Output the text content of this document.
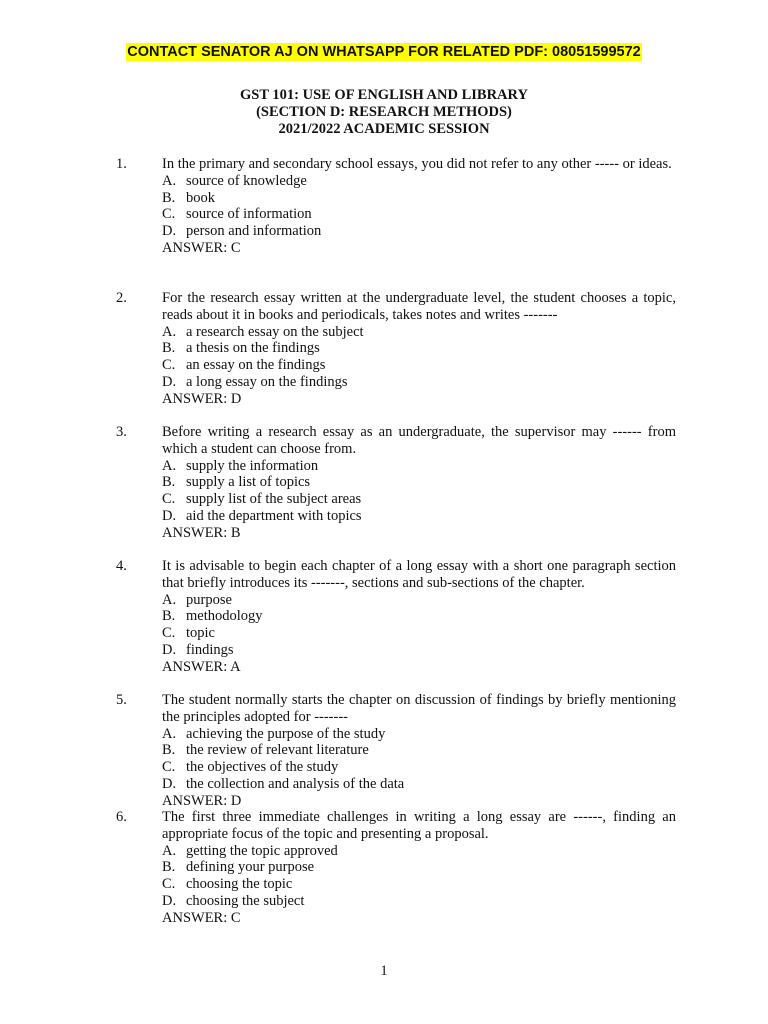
CONTACT SENATOR AJ ON WHATSAPP FOR RELATED PDF: 08051599572
GST 101: USE OF ENGLISH AND LIBRARY
(SECTION D: RESEARCH METHODS)
2021/2022 ACADEMIC SESSION
1. In the primary and secondary school essays, you did not refer to any other ----- or ideas.
A. source of knowledge
B. book
C. source of information
D. person and information
ANSWER: C
2. For the research essay written at the undergraduate level, the student chooses a topic, reads about it in books and periodicals, takes notes and writes -------
A. a research essay on the subject
B. a thesis on the findings
C. an essay on the findings
D. a long essay on the findings
ANSWER: D
3. Before writing a research essay as an undergraduate, the supervisor may ------ from which a student can choose from.
A. supply the information
B. supply a list of topics
C. supply list of the subject areas
D. aid the department with topics
ANSWER: B
4. It is advisable to begin each chapter of a long essay with a short one paragraph section that briefly introduces its -------, sections and sub-sections of the chapter.
A. purpose
B. methodology
C. topic
D. findings
ANSWER: A
5. The student normally starts the chapter on discussion of findings by briefly mentioning the principles adopted for -------
A. achieving the purpose of the study
B. the review of relevant literature
C. the objectives of the study
D. the collection and analysis of the data
ANSWER: D
6. The first three immediate challenges in writing a long essay are ------, finding an appropriate focus of the topic and presenting a proposal.
A. getting the topic approved
B. defining your purpose
C. choosing the topic
D. choosing the subject
ANSWER: C
1
